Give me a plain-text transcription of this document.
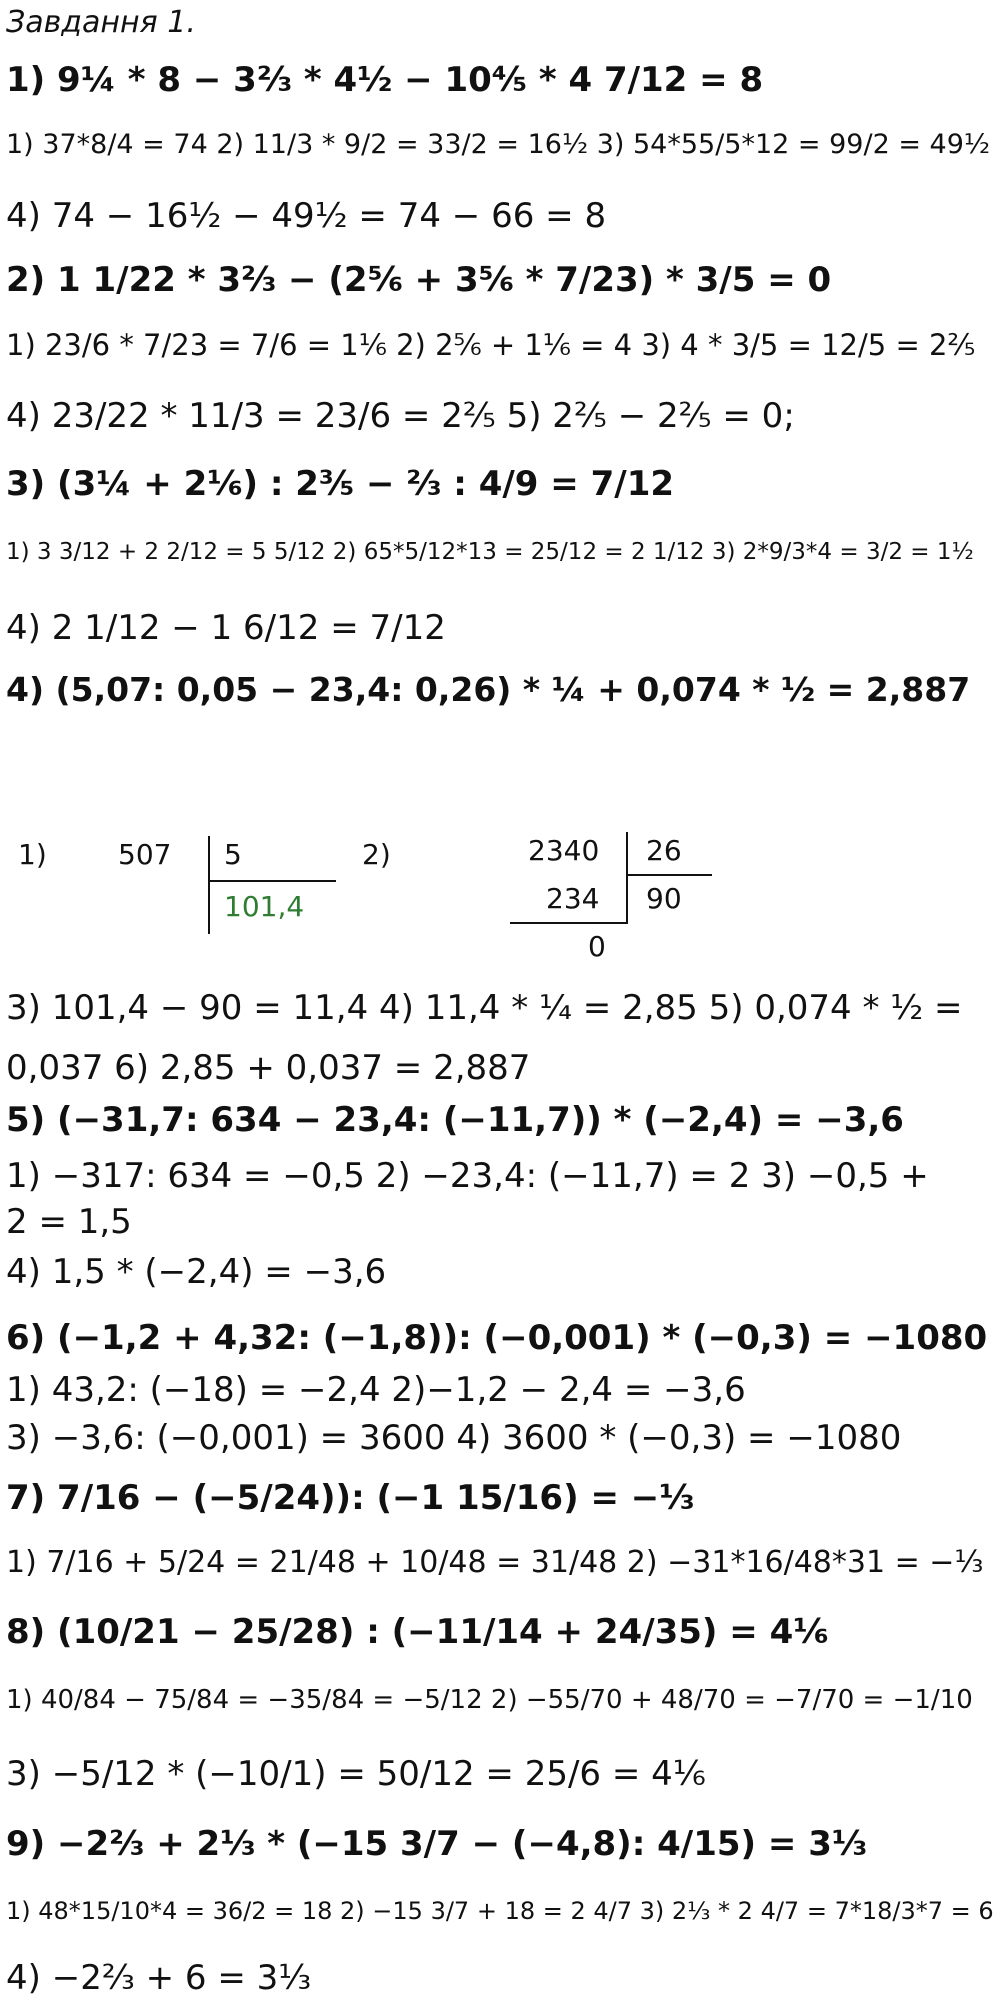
Завдання 1.
1) 9¼ * 8 − 3⅔ * 4½ − 10⅘ * 4 7/12 = 8
1) 37*8/4 = 74 2) 11/3 * 9/2 = 33/2 = 16½ 3) 54*55/5*12 = 99/2 = 49½
4) 74 − 16½ − 49½ = 74 − 66 = 8
2) 1 1/22 * 3⅔ − (2⅚ + 3⅚ * 7/23) * 3/5 = 0
1) 23/6 * 7/23 = 7/6 = 1⅙ 2) 2⅚ + 1⅙ = 4 3) 4 * 3/5 = 12/5 = 2⅖
4) 23/22 * 11/3 = 23/6 = 2⅖ 5) 2⅖ − 2⅖ = 0;
3) (3¼ + 2⅙) : 2⅗ − ⅔ : 4/9 = 7/12
1) 3 3/12 + 2 2/12 = 5 5/12 2) 65*5/12*13 = 25/12 = 2 1/12 3) 2*9/3*4 = 3/2 = 1½
4) 2 1/12 − 1 6/12 = 7/12
4) (5,07: 0,05 − 23,4: 0,26) * ¼ + 0,074 * ½ = 2,887
1)	507 5
101,4
2)	2340 26
234 90
0
3) 101,4 − 90 = 11,4 4) 11,4 * ¼ = 2,85 5) 0,074 * ½ =
0,037 6) 2,85 + 0,037 = 2,887
5) (−31,7: 634 − 23,4: (−11,7)) * (−2,4) = −3,6
1) −317: 634 = −0,5 2) −23,4: (−11,7) = 2 3) −0,5 +
2 = 1,5
4) 1,5 * (−2,4) = −3,6
6) (−1,2 + 4,32: (−1,8)): (−0,001) * (−0,3) = −1080
1) 43,2: (−18) = −2,4 2)−1,2 − 2,4 = −3,6
3) −3,6: (−0,001) = 3600 4) 3600 * (−0,3) = −1080
7) 7/16 − (−5/24)): (−1 15/16) = −⅓
1) 7/16 + 5/24 = 21/48 + 10/48 = 31/48 2) −31*16/48*31 = −⅓
8) (10/21 − 25/28) : (−11/14 + 24/35) = 4⅙
1) 40/84 − 75/84 = −35/84 = −5/12 2) −55/70 + 48/70 = −7/70 = −1/10
3) −5/12 * (−10/1) = 50/12 = 25/6 = 4⅙
9) −2⅔ + 2⅓ * (−15 3/7 − (−4,8): 4/15) = 3⅓
1) 48*15/10*4 = 36/2 = 18 2) −15 3/7 + 18 = 2 4/7 3) 2⅓ * 2 4/7 = 7*18/3*7 = 6
4) −2⅔ + 6 = 3⅓
